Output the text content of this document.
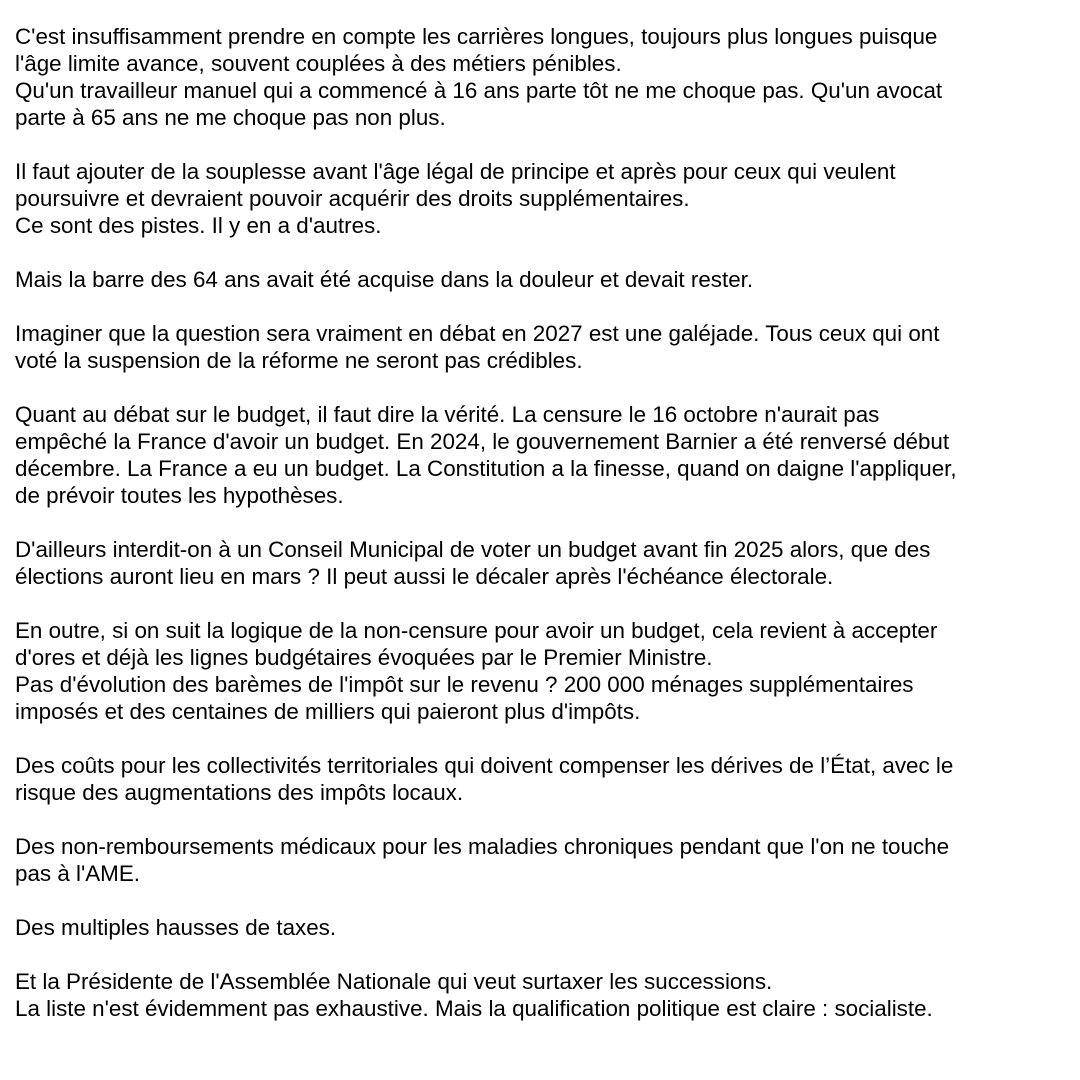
C'est insuffisamment prendre en compte les carrières longues, toujours plus longues puisque
l'âge limite avance, souvent couplées à des métiers pénibles.
Qu'un travailleur manuel qui a commencé à 16 ans parte tôt ne me choque pas. Qu'un avocat
parte à 65 ans ne me choque pas non plus.
Il faut ajouter de la souplesse avant l'âge légal de principe et après pour ceux qui veulent
poursuivre et devraient pouvoir acquérir des droits supplémentaires.
Ce sont des pistes. Il y en a d'autres.
Mais la barre des 64 ans avait été acquise dans la douleur et devait rester.
Imaginer que la question sera vraiment en débat en 2027 est une galéjade. Tous ceux qui ont
voté la suspension de la réforme ne seront pas crédibles.
Quant au débat sur le budget, il faut dire la vérité. La censure le 16 octobre n'aurait pas
empêché la France d'avoir un budget. En 2024, le gouvernement Barnier a été renversé début
décembre. La France a eu un budget. La Constitution a la finesse, quand on daigne l'appliquer,
de prévoir toutes les hypothèses.
D'ailleurs interdit-on à un Conseil Municipal de voter un budget avant fin 2025 alors, que des
élections auront lieu en mars ? Il peut aussi le décaler après l'échéance électorale.
En outre, si on suit la logique de la non-censure pour avoir un budget, cela revient à accepter
d'ores et déjà les lignes budgétaires évoquées par le Premier Ministre.
Pas d'évolution des barèmes de l'impôt sur le revenu ? 200 000 ménages supplémentaires
imposés et des centaines de milliers qui paieront plus d'impôts.
Des coûts pour les collectivités territoriales qui doivent compenser les dérives de l’État, avec le
risque des augmentations des impôts locaux.
Des non-remboursements médicaux pour les maladies chroniques pendant que l'on ne touche
pas à l'AME.
Des multiples hausses de taxes.
Et la Présidente de l'Assemblée Nationale qui veut surtaxer les successions.
La liste n'est évidemment pas exhaustive. Mais la qualification politique est claire : socialiste.
